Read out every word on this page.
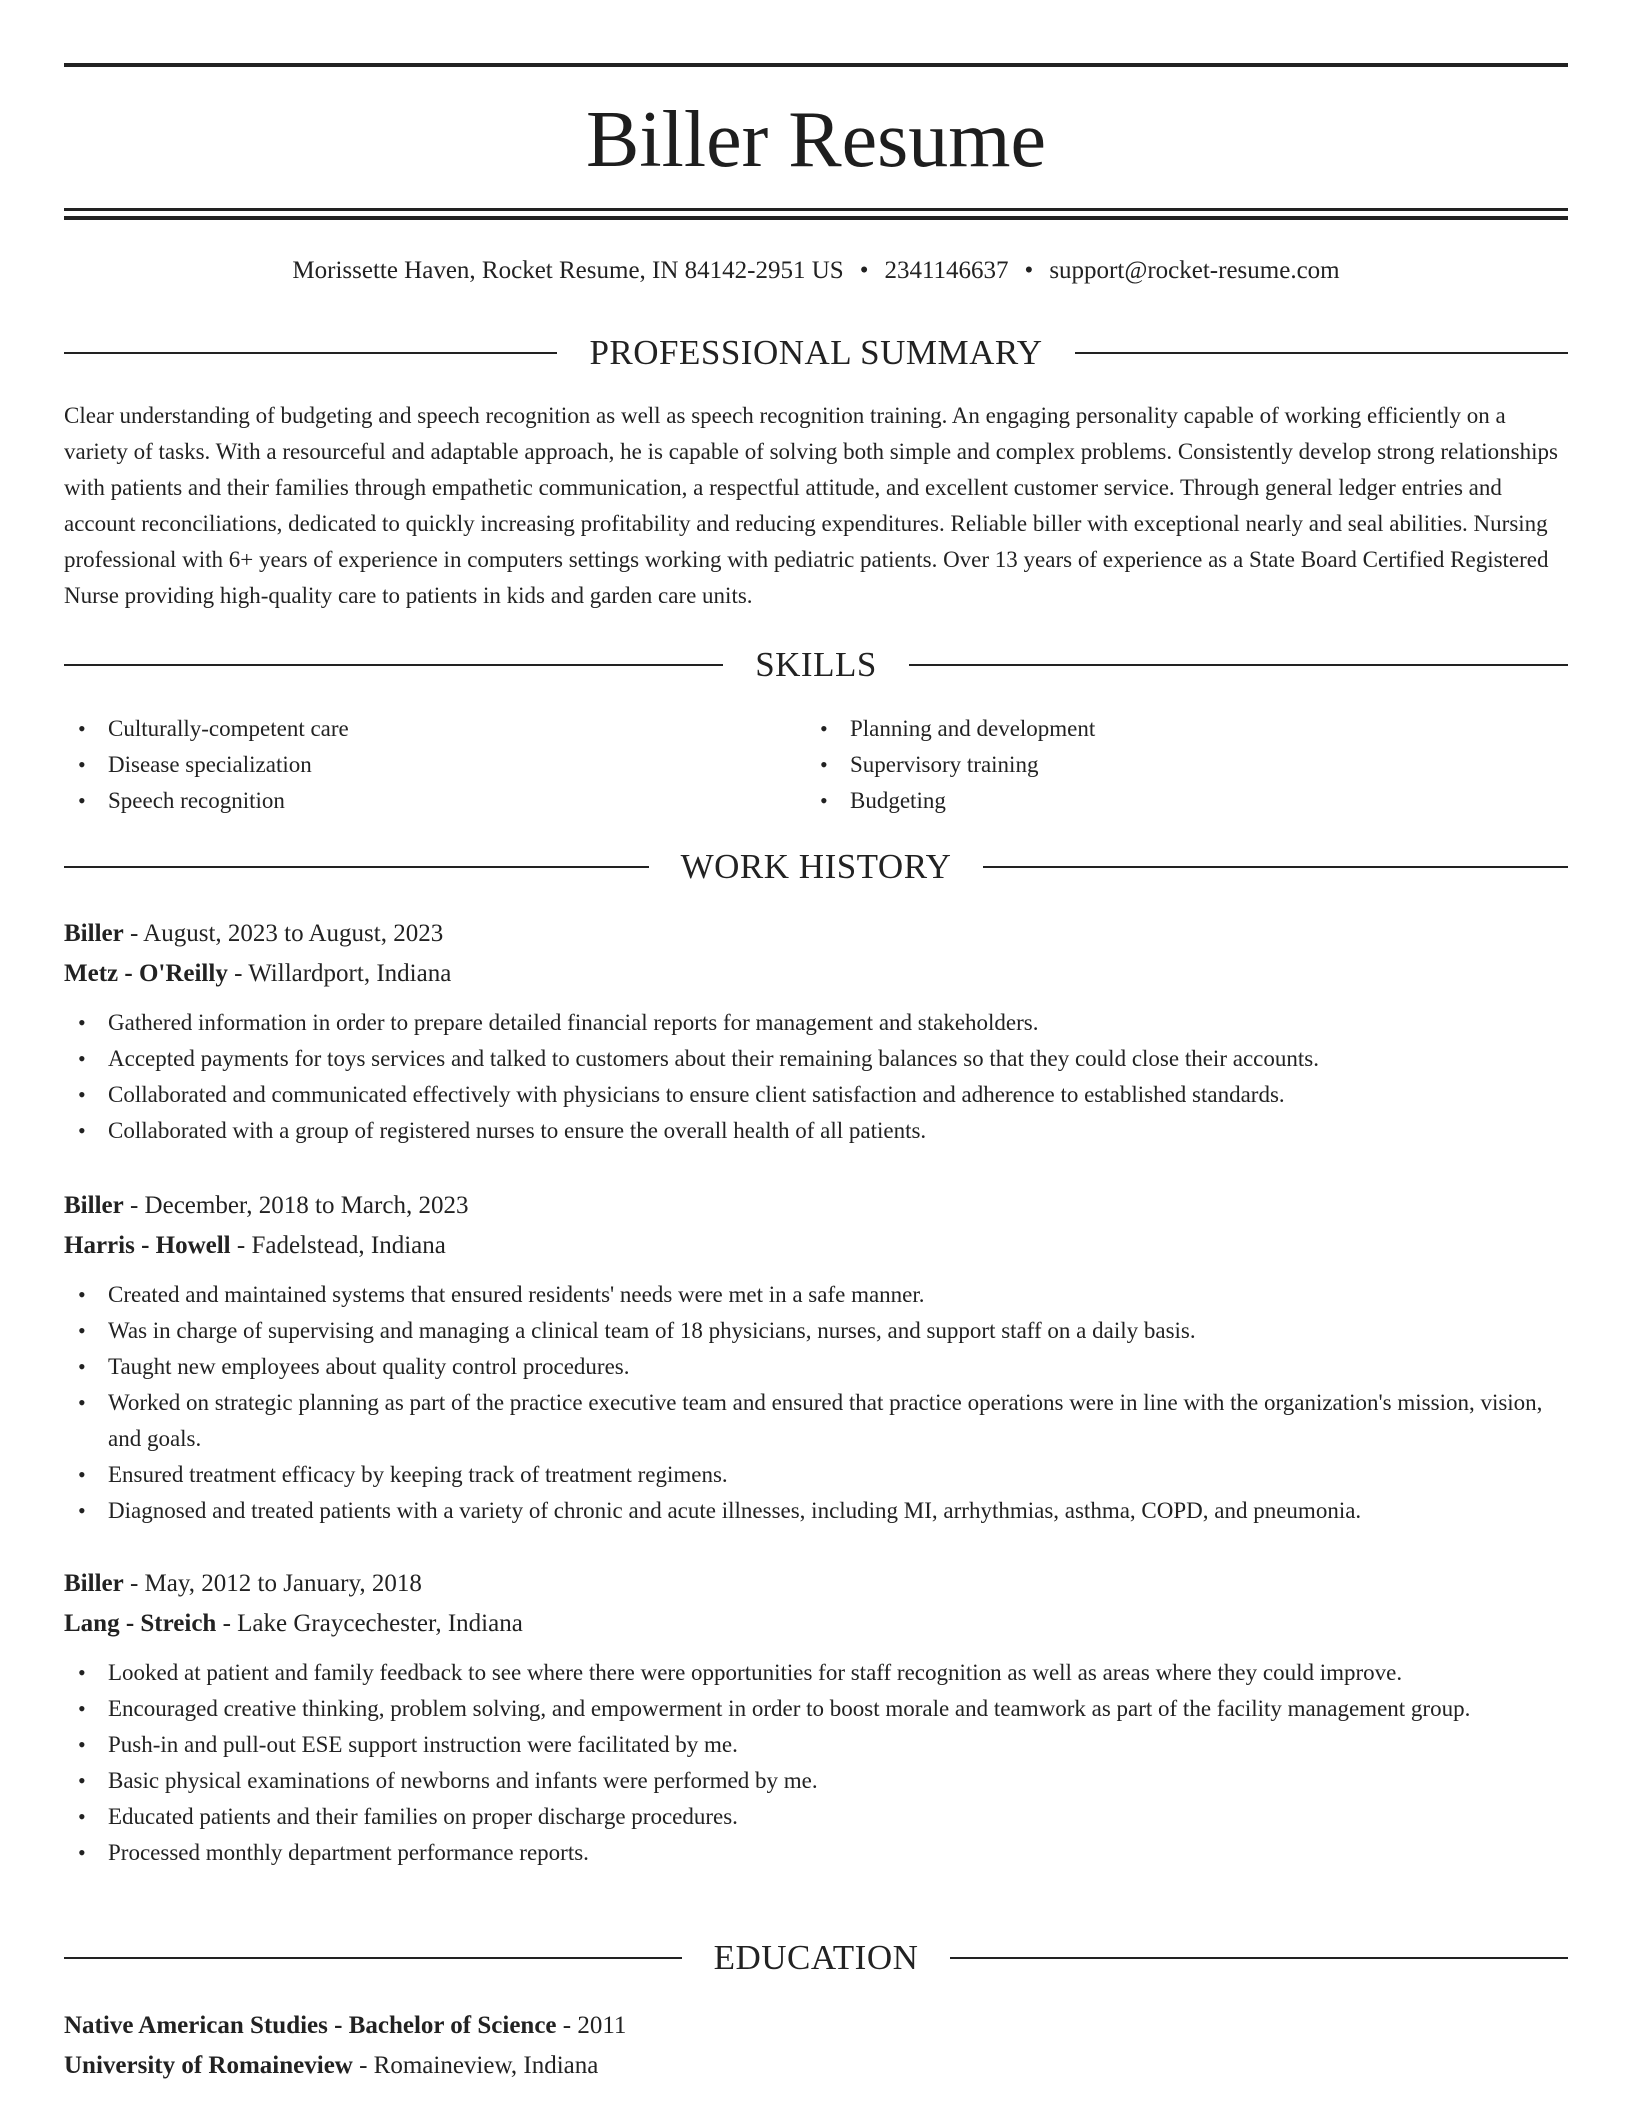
Biller Resume
Morissette Haven, Rocket Resume, IN 84142-2951 US • 2341146637 • support@rocket-resume.com
PROFESSIONAL SUMMARY
Clear understanding of budgeting and speech recognition as well as speech recognition training. An engaging personality capable of working efficiently on a variety of tasks. With a resourceful and adaptable approach, he is capable of solving both simple and complex problems. Consistently develop strong relationships with patients and their families through empathetic communication, a respectful attitude, and excellent customer service. Through general ledger entries and account reconciliations, dedicated to quickly increasing profitability and reducing expenditures. Reliable biller with exceptional nearly and seal abilities. Nursing professional with 6+ years of experience in computers settings working with pediatric patients. Over 13 years of experience as a State Board Certified Registered Nurse providing high-quality care to patients in kids and garden care units.
SKILLS
• Culturally-competent care
• Disease specialization
• Speech recognition
• Planning and development
• Supervisory training
• Budgeting
WORK HISTORY
Biller - August, 2023 to August, 2023
Metz - O'Reilly - Willardport, Indiana
• Gathered information in order to prepare detailed financial reports for management and stakeholders.
• Accepted payments for toys services and talked to customers about their remaining balances so that they could close their accounts.
• Collaborated and communicated effectively with physicians to ensure client satisfaction and adherence to established standards.
• Collaborated with a group of registered nurses to ensure the overall health of all patients.
Biller - December, 2018 to March, 2023
Harris - Howell - Fadelstead, Indiana
• Created and maintained systems that ensured residents' needs were met in a safe manner.
• Was in charge of supervising and managing a clinical team of 18 physicians, nurses, and support staff on a daily basis.
• Taught new employees about quality control procedures.
• Worked on strategic planning as part of the practice executive team and ensured that practice operations were in line with the organization's mission, vision, and goals.
• Ensured treatment efficacy by keeping track of treatment regimens.
• Diagnosed and treated patients with a variety of chronic and acute illnesses, including MI, arrhythmias, asthma, COPD, and pneumonia.
Biller - May, 2012 to January, 2018
Lang - Streich - Lake Graycechester, Indiana
• Looked at patient and family feedback to see where there were opportunities for staff recognition as well as areas where they could improve.
• Encouraged creative thinking, problem solving, and empowerment in order to boost morale and teamwork as part of the facility management group.
• Push-in and pull-out ESE support instruction were facilitated by me.
• Basic physical examinations of newborns and infants were performed by me.
• Educated patients and their families on proper discharge procedures.
• Processed monthly department performance reports.
EDUCATION
Native American Studies - Bachelor of Science - 2011
University of Romaineview - Romaineview, Indiana
